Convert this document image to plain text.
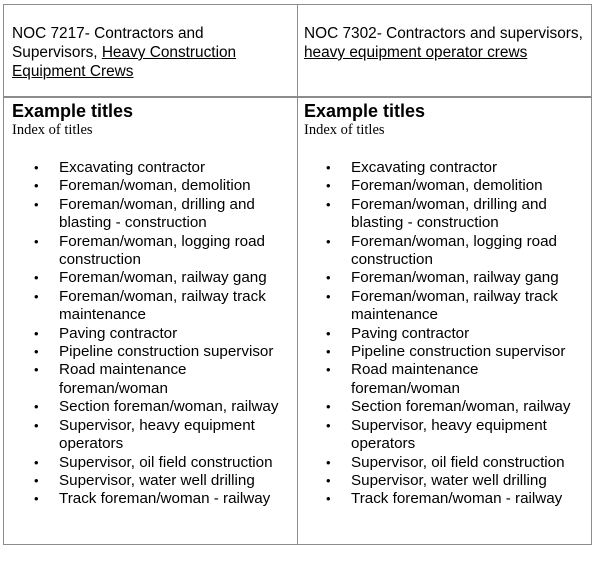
NOC 7217- Contractors and Supervisors, Heavy Construction Equipment Crews
NOC 7302- Contractors and supervisors, heavy equipment operator crews
Example titles
Index of titles
• Excavating contractor
• Foreman/woman, demolition
• Foreman/woman, drilling and blasting - construction
• Foreman/woman, logging road construction
• Foreman/woman, railway gang
• Foreman/woman, railway track maintenance
• Paving contractor
• Pipeline construction supervisor
• Road maintenance foreman/woman
• Section foreman/woman, railway
• Supervisor, heavy equipment operators
• Supervisor, oil field construction
• Supervisor, water well drilling
• Track foreman/woman - railway
Example titles
Index of titles
• Excavating contractor
• Foreman/woman, demolition
• Foreman/woman, drilling and blasting - construction
• Foreman/woman, logging road construction
• Foreman/woman, railway gang
• Foreman/woman, railway track maintenance
• Paving contractor
• Pipeline construction supervisor
• Road maintenance foreman/woman
• Section foreman/woman, railway
• Supervisor, heavy equipment operators
• Supervisor, oil field construction
• Supervisor, water well drilling
• Track foreman/woman - railway
